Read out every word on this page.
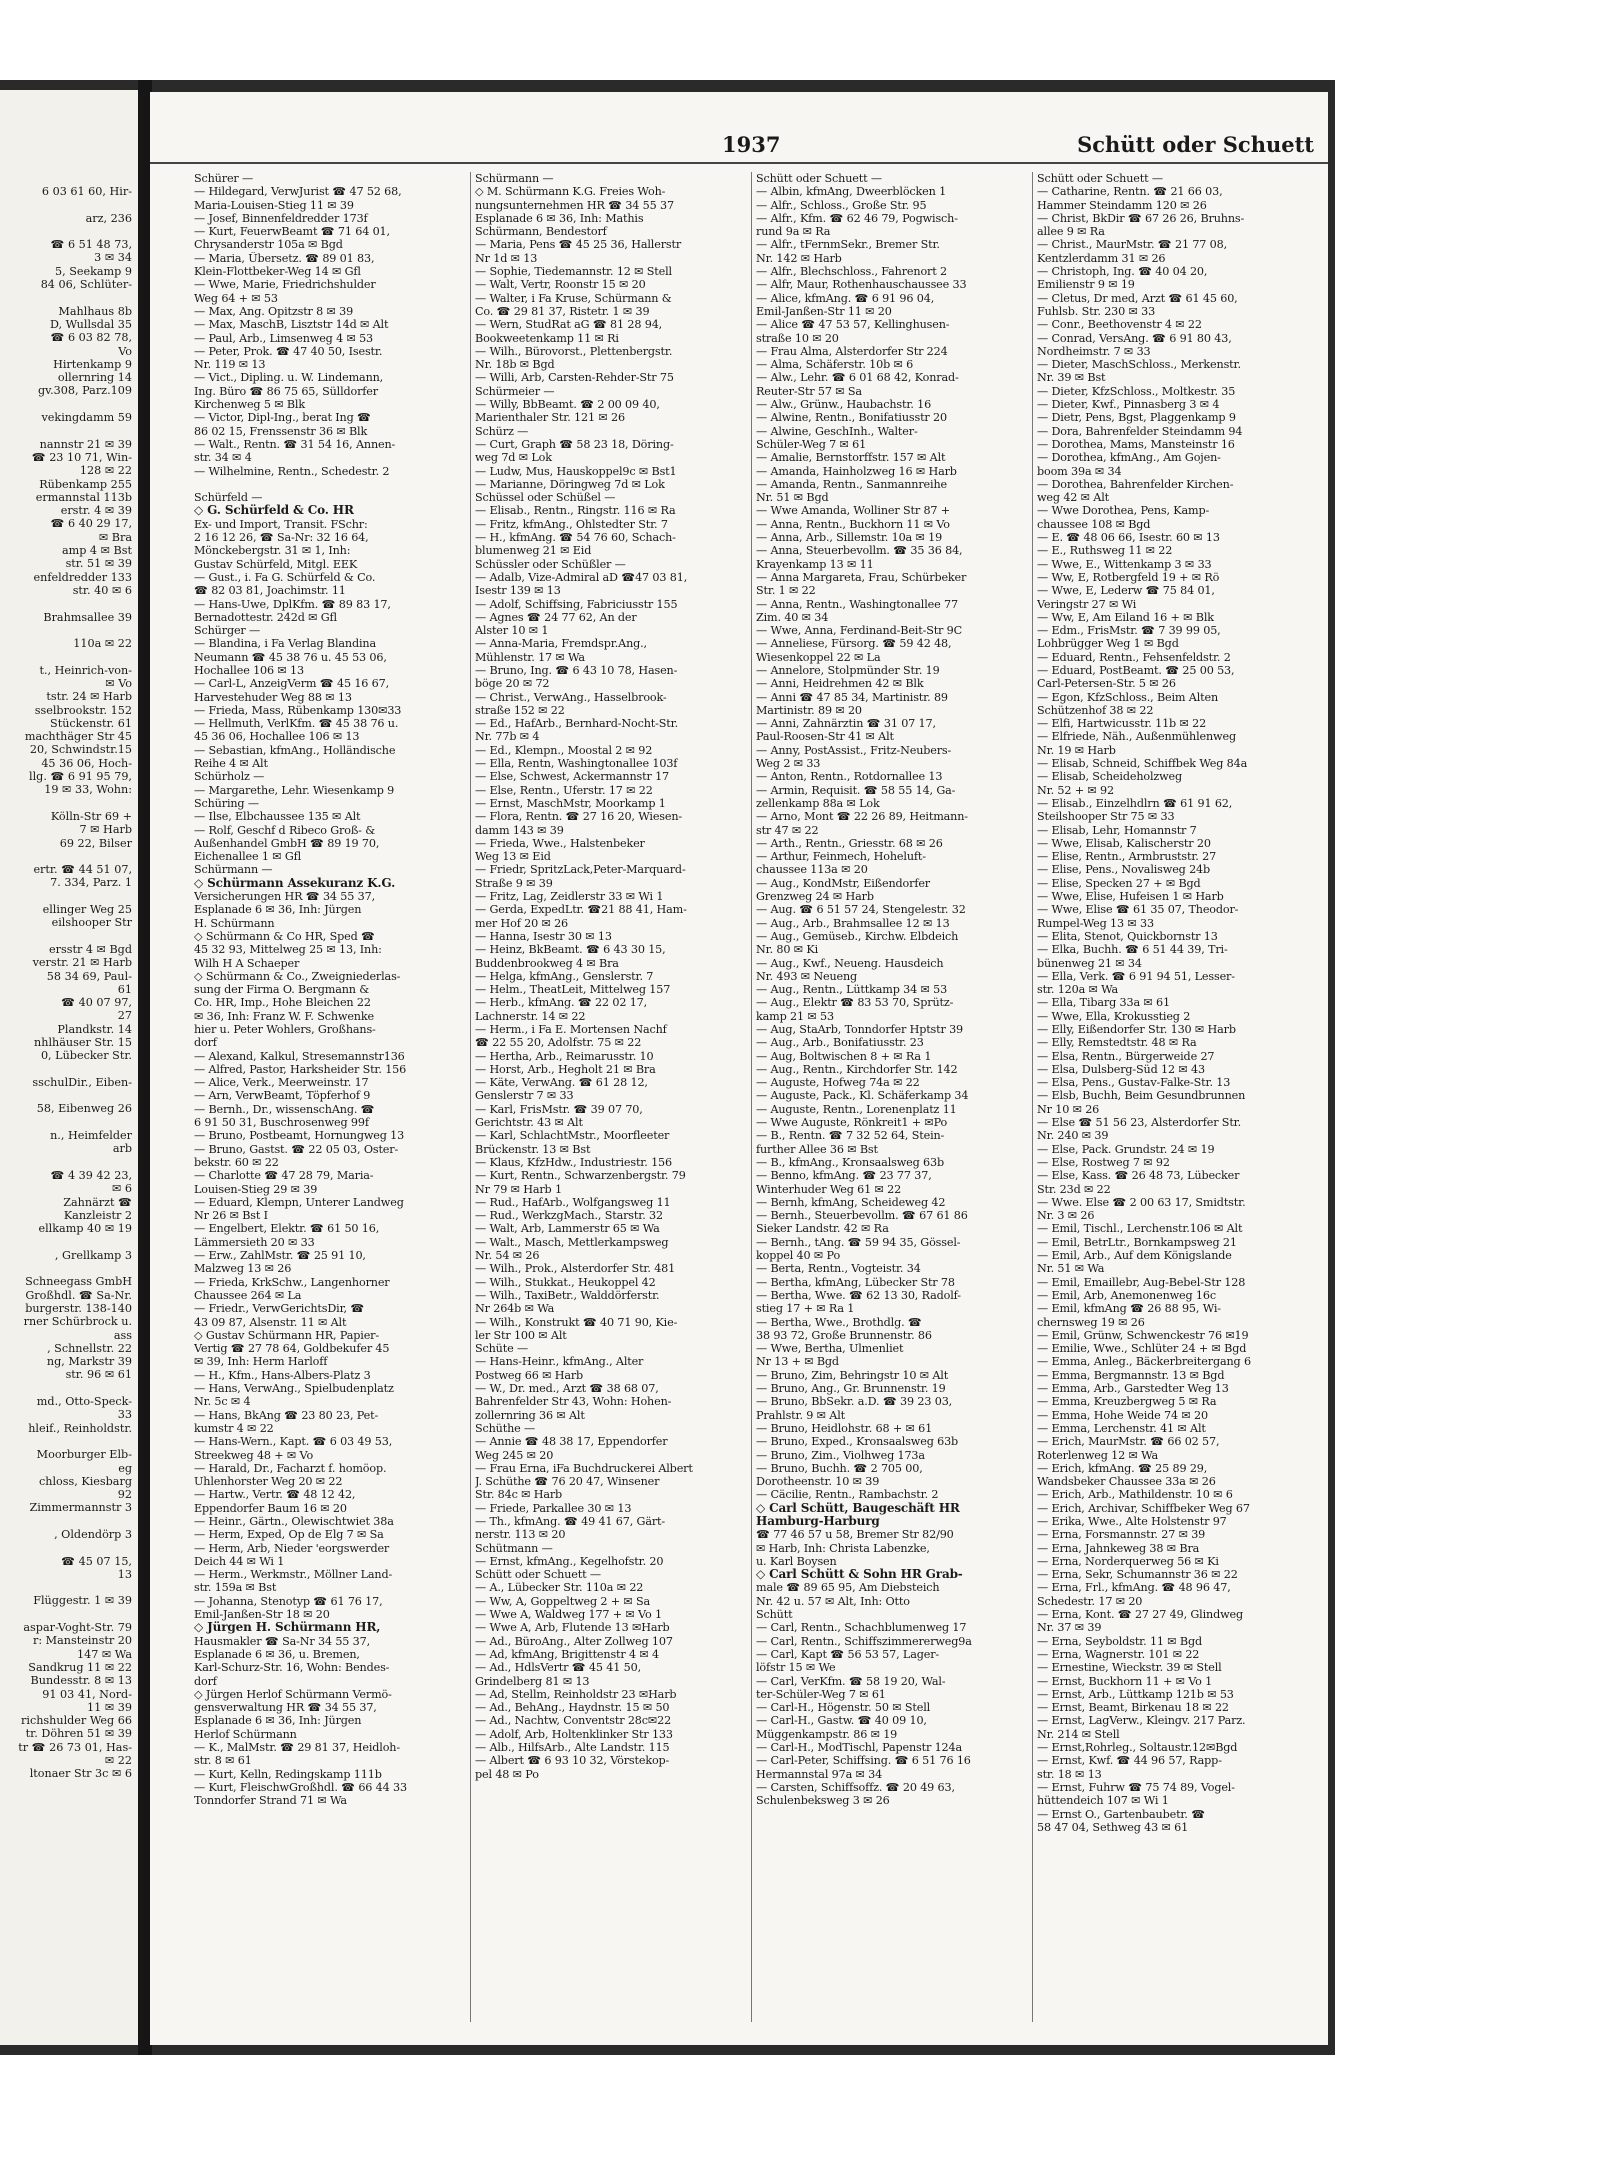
6 03 61 60, Hir-

arz, 236

☎ 6 51 48 73,
3 ✉ 34
5, Seekamp 9
84 06, Schlüter-

Mahlhaus 8b
D, Wullsdal 35
☎ 6 03 82 78,
Vo
Hirtenkamp 9
ollernring 14
gv.308, Parz.109

vekingdamm 59

nannstr 21 ✉ 39
☎ 23 10 71, Win-
128 ✉ 22
Rübenkamp 255
ermannstal 113b
erstr. 4 ✉ 39
☎ 6 40 29 17,
✉ Bra
amp 4 ✉ Bst
str. 51 ✉ 39
enfeldredder 133
str. 40 ✉ 6

Brahmsallee 39

110a ✉ 22

t., Heinrich-von-
✉ Vo
tstr. 24 ✉ Harb
sselbrookstr. 152
Stückenstr. 61
machthäger Str 45
20, Schwindstr.15
45 36 06, Hoch-
llg. ☎ 6 91 95 79,
19 ✉ 33, Wohn:

Kölln-Str 69 +
7 ✉ Harb
69 22, Bilser

ertr. ☎ 44 51 07,
7. 334, Parz. 1

ellinger Weg 25
eilshooper Str

ersstr 4 ✉ Bgd
verstr. 21 ✉ Harb
58 34 69, Paul-
61
☎ 40 07 97,
27
Plandkstr. 14
nhlhäuser Str. 15
0, Lübecker Str.

sschulDir., Eiben-

58, Eibenweg 26

n., Heimfelder
arb

☎ 4 39 42 23,
✉ 6
Zahnärzt ☎
Kanzleistr 2
ellkamp 40 ✉ 19

, Grellkamp 3

Schneegass GmbH
Großhdl. ☎ Sa-Nr.
burgerstr. 138-140
rner Schürbrock u.
ass
, Schnellstr. 22
ng, Markstr 39
str. 96 ✉ 61

md., Otto-Speck-
33
hleif., Reinholdstr.

Moorburger Elb-
eg
chloss, Kiesbarg
92
Zimmermannstr 3

, Oldendörp 3

☎ 45 07 15,
13

Flüggestr. 1 ✉ 39

aspar-Voght-Str. 79
r: Mansteinstr 20
147 ✉ Wa
Sandkrug 11 ✉ 22
Bundesstr. 8 ✉ 13
91 03 41, Nord-
11 ✉ 39
richshulder Weg 66
tr. Döhren 51 ✉ 39
tr ☎ 26 73 01, Has-
✉ 22
ltonaer Str 3c ✉ 6
1937	Schütt oder Schuett
Schürer —
— Hildegard, VerwJurist ☎ 47 52 68,
Maria-Louisen-Stieg 11 ✉ 39
— Josef, Binnenfeldredder 173f
— Kurt, FeuerwBeamt ☎ 71 64 01,
Chrysanderstr 105a ✉ Bgd
— Maria, Übersetz. ☎ 89 01 83,
Klein-Flottbeker-Weg 14 ✉ Gfl
— Wwe, Marie, Friedrichshulder
Weg 64 + ✉ 53
— Max, Ang. Opitzstr 8 ✉ 39
— Max, MaschB, Lisztstr 14d ✉ Alt
— Paul, Arb., Limsenweg 4 ✉ 53
— Peter, Prok. ☎ 47 40 50, Isestr.
Nr. 119 ✉ 13
— Vict., Dipling. u. W. Lindemann,
Ing. Büro ☎ 86 75 65, Sülldorfer
Kirchenweg 5 ✉ Blk
— Victor, Dipl-Ing., berat Ing ☎
86 02 15, Frenssenstr 36 ✉ Blk
— Walt., Rentn. ☎ 31 54 16, Annen-
str. 34 ✉ 4
— Wilhelmine, Rentn., Schedestr. 2

Schürfeld —
◇ G. Schürfeld & Co. HR
Ex- und Import, Transit. FSchr:
2 16 12 26, ☎ Sa-Nr: 32 16 64,
Mönckebergstr. 31 ✉ 1, Inh:
Gustav Schürfeld, Mitgl. EEK
— Gust., i. Fa G. Schürfeld & Co.
☎ 82 03 81, Joachimstr. 11
— Hans-Uwe, DplKfm. ☎ 89 83 17,
Bernadottestr. 242d ✉ Gfl
Schürger —
— Blandina, i Fa Verlag Blandina
Neumann ☎ 45 38 76 u. 45 53 06,
Hochallee 106 ✉ 13
— Carl-L, AnzeigVerm ☎ 45 16 67,
Harvestehuder Weg 88 ✉ 13
— Frieda, Mass, Rübenkamp 130✉33
— Hellmuth, VerlKfm. ☎ 45 38 76 u.
45 36 06, Hochallee 106 ✉ 13
— Sebastian, kfmAng., Holländische
Reihe 4 ✉ Alt
Schürholz —
— Margarethe, Lehr. Wiesenkamp 9
Schüring —
— Ilse, Elbchaussee 135 ✉ Alt
— Rolf, Geschf d Ribeco Groß- &
Außenhandel GmbH ☎ 89 19 70,
Eichenallee 1 ✉ Gfl
Schürmann —
◇ Schürmann Assekuranz K.G.
Versicherungen HR ☎ 34 55 37,
Esplanade 6 ✉ 36, Inh: Jürgen
H. Schürmann
◇ Schürmann & Co HR, Sped ☎
45 32 93, Mittelweg 25 ✉ 13, Inh:
Wilh H A Schaeper
◇ Schürmann & Co., Zweigniederlas-
sung der Firma O. Bergmann &
Co. HR, Imp., Hohe Bleichen 22
✉ 36, Inh: Franz W. F. Schwenke
hier u. Peter Wohlers, Großhans-
dorf
— Alexand, Kalkul, Stresemannstr136
— Alfred, Pastor, Harksheider Str. 156
— Alice, Verk., Meerweinstr. 17
— Arn, VerwBeamt, Töpferhof 9
— Bernh., Dr., wissenschAng. ☎
6 91 50 31, Buschrosenweg 99f
— Bruno, Postbeamt, Hornungweg 13
— Bruno, Gastst. ☎ 22 05 03, Oster-
bekstr. 60 ✉ 22
— Charlotte ☎ 47 28 79, Maria-
Louisen-Stieg 29 ✉ 39
— Eduard, Klempn, Unterer Landweg
Nr 26 ✉ Bst I
— Engelbert, Elektr. ☎ 61 50 16,
Lämmersieth 20 ✉ 33
— Erw., ZahlMstr. ☎ 25 91 10,
Malzweg 13 ✉ 26
— Frieda, KrkSchw., Langenhorner
Chaussee 264 ✉ La
— Friedr., VerwGerichtsDir, ☎
43 09 87, Alsenstr. 11 ✉ Alt
◇ Gustav Schürmann HR, Papier-
Vertig ☎ 27 78 64, Goldbekufer 45
✉ 39, Inh: Herm Harloff
— H., Kfm., Hans-Albers-Platz 3
— Hans, VerwAng., Spielbudenplatz
Nr. 5c ✉ 4
— Hans, BkAng ☎ 23 80 23, Pet-
kumstr 4 ✉ 22
— Hans-Wern., Kapt. ☎ 6 03 49 53,
Streekweg 48 + ✉ Vo
— Harald, Dr., Facharzt f. homöop.
Uhlenhorster Weg 20 ✉ 22
— Hartw., Vertr. ☎ 48 12 42,
Eppendorfer Baum 16 ✉ 20
— Heinr., Gärtn., Olewischtwiet 38a
— Herm, Exped, Op de Elg 7 ✉ Sa
— Herm, Arb, Nieder 'eorgswerder
Deich 44 ✉ Wi 1
— Herm., Werkmstr., Möllner Land-
str. 159a ✉ Bst
— Johanna, Stenotyp ☎ 61 76 17,
Emil-Janßen-Str 18 ✉ 20
◇ Jürgen H. Schürmann HR,
Hausmakler ☎ Sa-Nr 34 55 37,
Esplanade 6 ✉ 36, u. Bremen,
Karl-Schurz-Str. 16, Wohn: Bendes-
dorf
◇ Jürgen Herlof Schürmann Vermö-
gensverwaltung HR ☎ 34 55 37,
Esplanade 6 ✉ 36, Inh: Jürgen
Herlof Schürmann
— K., MalMstr. ☎ 29 81 37, Heidloh-
str. 8 ✉ 61
— Kurt, Kelln, Redingskamp 111b
— Kurt, FleischwGroßhdl. ☎ 66 44 33
Tonndorfer Strand 71 ✉ Wa
Schürmann —
◇ M. Schürmann K.G. Freies Woh-
nungsunternehmen HR ☎ 34 55 37
Esplanade 6 ✉ 36, Inh: Mathis
Schürmann, Bendestorf
— Maria, Pens ☎ 45 25 36, Hallerstr
Nr 1d ✉ 13
— Sophie, Tiedemannstr. 12 ✉ Stell
— Walt, Vertr, Roonstr 15 ✉ 20
— Walter, i Fa Kruse, Schürmann &
Co. ☎ 29 81 37, Ristetr. 1 ✉ 39
— Wern, StudRat aG ☎ 81 28 94,
Bookweetenkamp 11 ✉ Ri
— Wilh., Bürovorst., Plettenbergstr.
Nr. 18b ✉ Bgd
— Willi, Arb, Carsten-Rehder-Str 75
Schürmeier —
— Willy, BbBeamt. ☎ 2 00 09 40,
Marienthaler Str. 121 ✉ 26
Schürz —
— Curt, Graph ☎ 58 23 18, Döring-
weg 7d ✉ Lok
— Ludw, Mus, Hauskoppel9c ✉ Bst1
— Marianne, Döringweg 7d ✉ Lok
Schüssel oder Schüßel —
— Elisab., Rentn., Ringstr. 116 ✉ Ra
— Fritz, kfmAng., Ohlstedter Str. 7
— H., kfmAng. ☎ 54 76 60, Schach-
blumenweg 21 ✉ Eid
Schüssler oder Schüßler —
— Adalb, Vize-Admiral aD ☎47 03 81,
Isestr 139 ✉ 13
— Adolf, Schiffsing, Fabriciusstr 155
— Agnes ☎ 24 77 62, An der
Alster 10 ✉ 1
— Anna-Maria, Fremdspr.Ang.,
Mühlenstr. 17 ✉ Wa
— Bruno, Ing. ☎ 6 43 10 78, Hasen-
böge 20 ✉ 72
— Christ., VerwAng., Hasselbrook-
straße 152 ✉ 22
— Ed., HafArb., Bernhard-Nocht-Str.
Nr. 77b ✉ 4
— Ed., Klempn., Moostal 2 ✉ 92
— Ella, Rentn, Washingtonallee 103f
— Else, Schwest, Ackermannstr 17
— Else, Rentn., Uferstr. 17 ✉ 22
— Ernst, MaschMstr, Moorkamp 1
— Flora, Rentn. ☎ 27 16 20, Wiesen-
damm 143 ✉ 39
— Frieda, Wwe., Halstenbeker
Weg 13 ✉ Eid
— Friedr, SpritzLack,Peter-Marquard-
Straße 9 ✉ 39
— Fritz, Lag, Zeidlerstr 33 ✉ Wi 1
— Gerda, ExpedLtr. ☎21 88 41, Ham-
mer Hof 20 ✉ 26
— Hanna, Isestr 30 ✉ 13
— Heinz, BkBeamt. ☎ 6 43 30 15,
Buddenbrookweg 4 ✉ Bra
— Helga, kfmAng., Genslerstr. 7
— Helm., TheatLeit, Mittelweg 157
— Herb., kfmAng. ☎ 22 02 17,
Lachnerstr. 14 ✉ 22
— Herm., i Fa E. Mortensen Nachf
☎ 22 55 20, Adolfstr. 75 ✉ 22
— Hertha, Arb., Reimarusstr. 10
— Horst, Arb., Hegholt 21 ✉ Bra
— Käte, VerwAng. ☎ 61 28 12,
Genslerstr 7 ✉ 33
— Karl, FrisMstr. ☎ 39 07 70,
Gerichtstr. 43 ✉ Alt
— Karl, SchlachtMstr., Moorfleeter
Brückenstr. 13 ✉ Bst
— Klaus, KfzHdw., Industriestr. 156
— Kurt, Rentn., Schwarzenbergstr. 79
Nr 79 ✉ Harb 1
— Rud., HafArb., Wolfgangsweg 11
— Rud., WerkzgMach., Starstr. 32
— Walt, Arb, Lammerstr 65 ✉ Wa
— Walt., Masch, Mettlerkampsweg
Nr. 54 ✉ 26
— Wilh., Prok., Alsterdorfer Str. 481
— Wilh., Stukkat., Heukoppel 42
— Wilh., TaxiBetr., Walddörferstr.
Nr 264b ✉ Wa
— Wilh., Konstrukt ☎ 40 71 90, Kie-
ler Str 100 ✉ Alt
Schüte —
— Hans-Heinr., kfmAng., Alter
Postweg 66 ✉ Harb
— W., Dr. med., Arzt ☎ 38 68 07,
Bahrenfelder Str 43, Wohn: Hohen-
zollernring 36 ✉ Alt
Schüthe —
— Annie ☎ 48 38 17, Eppendorfer
Weg 245 ✉ 20
— Frau Erna, iFa Buchdruckerei Albert
J. Schüthe ☎ 76 20 47, Winsener
Str. 84c ✉ Harb
— Friede, Parkallee 30 ✉ 13
— Th., kfmAng. ☎ 49 41 67, Gärt-
nerstr. 113 ✉ 20
Schütmann —
— Ernst, kfmAng., Kegelhofstr. 20
Schütt oder Schuett —
— A., Lübecker Str. 110a ✉ 22
— Ww, A, Goppeltweg 2 + ✉ Sa
— Wwe A, Waldweg 177 + ✉ Vo 1
— Wwe A, Arb, Flutende 13 ✉Harb
— Ad., BüroAng., Alter Zollweg 107
— Ad, kfmAng, Brigittenstr 4 ✉ 4
— Ad., HdlsVertr ☎ 45 41 50,
Grindelberg 81 ✉ 13
— Ad, Stellm, Reinholdstr 23 ✉Harb
— Ad., BehAng., Haydnstr. 15 ✉ 50
— Ad., Nachtw, Conventstr 28c✉22
— Adolf, Arb, Holtenklinker Str 133
— Alb., HilfsArb., Alte Landstr. 115
— Albert ☎ 6 93 10 32, Vörstekop-
pel 48 ✉ Po
Schütt oder Schuett —
— Albin, kfmAng, Dweerblöcken 1
— Alfr., Schloss., Große Str. 95
— Alfr., Kfm. ☎ 62 46 79, Pogwisch-
rund 9a ✉ Ra
— Alfr., tFernmSekr., Bremer Str.
Nr. 142 ✉ Harb
— Alfr., Blechschloss., Fahrenort 2
— Alfr, Maur, Rothenhauschaussee 33
— Alice, kfmAng. ☎ 6 91 96 04,
Emil-Janßen-Str 11 ✉ 20
— Alice ☎ 47 53 57, Kellinghusen-
straße 10 ✉ 20
— Frau Alma, Alsterdorfer Str 224
— Alma, Schäferstr. 10b ✉ 6
— Alw., Lehr. ☎ 6 01 68 42, Konrad-
Reuter-Str 57 ✉ Sa
— Alw., Grünw., Haubachstr. 16
— Alwine, Rentn., Bonifatiusstr 20
— Alwine, GeschInh., Walter-
Schüler-Weg 7 ✉ 61
— Amalie, Bernstorffstr. 157 ✉ Alt
— Amanda, Hainholzweg 16 ✉ Harb
— Amanda, Rentn., Sanmannreihe
Nr. 51 ✉ Bgd
— Wwe Amanda, Wolliner Str 87 +
— Anna, Rentn., Buckhorn 11 ✉ Vo
— Anna, Arb., Sillemstr. 10a ✉ 19
— Anna, Steuerbevollm. ☎ 35 36 84,
Krayenkamp 13 ✉ 11
— Anna Margareta, Frau, Schürbeker
Str. 1 ✉ 22
— Anna, Rentn., Washingtonallee 77
Zim. 40 ✉ 34
— Wwe, Anna, Ferdinand-Beit-Str 9C
— Anneliese, Fürsorg. ☎ 59 42 48,
Wiesenkoppel 22 ✉ La
— Annelore, Stolpmünder Str. 19
— Anni, Heidrehmen 42 ✉ Blk
— Anni ☎ 47 85 34, Martinistr. 89
Martinistr. 89 ✉ 20
— Anni, Zahnärztin ☎ 31 07 17,
Paul-Roosen-Str 41 ✉ Alt
— Anny, PostAssist., Fritz-Neubers-
Weg 2 ✉ 33
— Anton, Rentn., Rotdornallee 13
— Armin, Requisit. ☎ 58 55 14, Ga-
zellenkamp 88a ✉ Lok
— Arno, Mont ☎ 22 26 89, Heitmann-
str 47 ✉ 22
— Arth., Rentn., Griesstr. 68 ✉ 26
— Arthur, Feinmech, Hoheluft-
chaussee 113a ✉ 20
— Aug., KondMstr, Eißendorfer
Grenzweg 24 ✉ Harb
— Aug. ☎ 6 51 57 24, Stengelestr. 32
— Aug., Arb., Brahmsallee 12 ✉ 13
— Aug., Gemüseb., Kirchw. Elbdeich
Nr. 80 ✉ Ki
— Aug., Kwf., Neueng. Hausdeich
Nr. 493 ✉ Neueng
— Aug., Rentn., Lüttkamp 34 ✉ 53
— Aug., Elektr ☎ 83 53 70, Sprütz-
kamp 21 ✉ 53
— Aug, StaArb, Tonndorfer Hptstr 39
— Aug., Arb., Bonifatiusstr. 23
— Aug, Boltwischen 8 + ✉ Ra 1
— Aug., Rentn., Kirchdorfer Str. 142
— Auguste, Hofweg 74a ✉ 22
— Auguste, Pack., Kl. Schäferkamp 34
— Auguste, Rentn., Lorenenplatz 11
— Wwe Auguste, Rönkreit1 + ✉Po
— B., Rentn. ☎ 7 32 52 64, Stein-
further Allee 36 ✉ Bst
— B., kfmAng., Kronsaalsweg 63b
— Benno, kfmAng. ☎ 23 77 37,
Winterhuder Weg 61 ✉ 22
— Bernh, kfmAng, Scheideweg 42
— Bernh., Steuerbevollm. ☎ 67 61 86
Sieker Landstr. 42 ✉ Ra
— Bernh., tAng. ☎ 59 94 35, Gössel-
koppel 40 ✉ Po
— Berta, Rentn., Vogteistr. 34
— Bertha, kfmAng, Lübecker Str 78
— Bertha, Wwe. ☎ 62 13 30, Radolf-
stieg 17 + ✉ Ra 1
— Bertha, Wwe., Brothdlg. ☎
38 93 72, Große Brunnenstr. 86
— Wwe, Bertha, Ulmenliet
Nr 13 + ✉ Bgd
— Bruno, Zim, Behringstr 10 ✉ Alt
— Bruno, Ang., Gr. Brunnenstr. 19
— Bruno, BbSekr. a.D. ☎ 39 23 03,
Prahlstr. 9 ✉ Alt
— Bruno, Heidlohstr. 68 + ✉ 61
— Bruno, Exped., Kronsaalsweg 63b
— Bruno, Zim., Violhweg 173a
— Bruno, Buchh. ☎ 2 705 00,
Dorotheenstr. 10 ✉ 39
— Cäcilie, Rentn., Rambachstr. 2
◇ Carl Schütt, Baugeschäft HR
Hamburg-Harburg
☎ 77 46 57 u 58, Bremer Str 82/90
✉ Harb, Inh: Christa Labenzke,
u. Karl Boysen
◇ Carl Schütt & Sohn HR Grab-
male ☎ 89 65 95, Am Diebsteich
Nr. 42 u. 57 ✉ Alt, Inh: Otto
Schütt
— Carl, Rentn., Schachblumenweg 17
— Carl, Rentn., Schiffszimmererweg9a
— Carl, Kapt ☎ 56 53 57, Lager-
löfstr 15 ✉ We
— Carl, VerKfm. ☎ 58 19 20, Wal-
ter-Schüler-Weg 7 ✉ 61
— Carl-H., Högenstr. 50 ✉ Stell
— Carl-H., Gastw. ☎ 40 09 10,
Müggenkampstr. 86 ✉ 19
— Carl-H., ModTischl, Papenstr 124a
— Carl-Peter, Schiffsing. ☎ 6 51 76 16
Hermannstal 97a ✉ 34
— Carsten, Schiffsoffz. ☎ 20 49 63,
Schulenbeksweg 3 ✉ 26
Schütt oder Schuett —
— Catharine, Rentn. ☎ 21 66 03,
Hammer Steindamm 120 ✉ 26
— Christ, BkDir ☎ 67 26 26, Bruhns-
allee 9 ✉ Ra
— Christ., MaurMstr. ☎ 21 77 08,
Kentzlerdamm 31 ✉ 26
— Christoph, Ing. ☎ 40 04 20,
Emilienstr 9 ✉ 19
— Cletus, Dr med, Arzt ☎ 61 45 60,
Fuhlsb. Str. 230 ✉ 33
— Conr., Beethovenstr 4 ✉ 22
— Conrad, VersAng. ☎ 6 91 80 43,
Nordheimstr. 7 ✉ 33
— Dieter, MaschSchloss., Merkenstr.
Nr. 39 ✉ Bst
— Dieter, KfzSchloss., Moltkestr. 35
— Dieter, Kwf., Pinnasberg 3 ✉ 4
— Dietr, Pens, Bgst, Plaggenkamp 9
— Dora, Bahrenfelder Steindamm 94
— Dorothea, Mams, Mansteinstr 16
— Dorothea, kfmAng., Am Gojen-
boom 39a ✉ 34
— Dorothea, Bahrenfelder Kirchen-
weg 42 ✉ Alt
— Wwe Dorothea, Pens, Kamp-
chaussee 108 ✉ Bgd
— E. ☎ 48 06 66, Isestr. 60 ✉ 13
— E., Ruthsweg 11 ✉ 22
— Wwe, E., Wittenkamp 3 ✉ 33
— Ww, E, Rotbergfeld 19 + ✉ Rö
— Wwe, E, Lederw ☎ 75 84 01,
Veringstr 27 ✉ Wi
— Ww, E, Am Eiland 16 + ✉ Blk
— Edm., FrisMstr. ☎ 7 39 99 05,
Lohbrügger Weg 1 ✉ Bgd
— Eduard, Rentn., Fehsenfeldstr. 2
— Eduard, PostBeamt. ☎ 25 00 53,
Carl-Petersen-Str. 5 ✉ 26
— Egon, KfzSchloss., Beim Alten
Schützenhof 38 ✉ 22
— Elfi, Hartwicusstr. 11b ✉ 22
— Elfriede, Näh., Außenmühlenweg
Nr. 19 ✉ Harb
— Elisab, Schneid, Schiffbek Weg 84a
— Elisab, Scheideholzweg
Nr. 52 + ✉ 92
— Elisab., Einzelhdlrn ☎ 61 91 62,
Steilshooper Str 75 ✉ 33
— Elisab, Lehr, Homannstr 7
— Wwe, Elisab, Kalischerstr 20
— Elise, Rentn., Armbruststr. 27
— Elise, Pens., Novalisweg 24b
— Elise, Specken 27 + ✉ Bgd
— Wwe, Elise, Hufeisen 1 ✉ Harb
— Wwe, Elise ☎ 61 35 07, Theodor-
Rumpel-Weg 13 ✉ 33
— Elita, Stenot, Quickbornstr 13
— Elka, Buchh. ☎ 6 51 44 39, Tri-
bünenweg 21 ✉ 34
— Ella, Verk. ☎ 6 91 94 51, Lesser-
str. 120a ✉ Wa
— Ella, Tibarg 33a ✉ 61
— Wwe, Ella, Krokusstieg 2
— Elly, Eißendorfer Str. 130 ✉ Harb
— Elly, Remstedtstr. 48 ✉ Ra
— Elsa, Rentn., Bürgerweide 27
— Elsa, Dulsberg-Süd 12 ✉ 43
— Elsa, Pens., Gustav-Falke-Str. 13
— Elsb, Buchh, Beim Gesundbrunnen
Nr 10 ✉ 26
— Else ☎ 51 56 23, Alsterdorfer Str.
Nr. 240 ✉ 39
— Else, Pack. Grundstr. 24 ✉ 19
— Else, Rostweg 7 ✉ 92
— Else, Kass. ☎ 26 48 73, Lübecker
Str. 23d ✉ 22
— Wwe. Else ☎ 2 00 63 17, Smidtstr.
Nr. 3 ✉ 26
— Emil, Tischl., Lerchenstr.106 ✉ Alt
— Emil, BetrLtr., Bornkampsweg 21
— Emil, Arb., Auf dem Königslande
Nr. 51 ✉ Wa
— Emil, Emaillebr, Aug-Bebel-Str 128
— Emil, Arb, Anemonenweg 16c
— Emil, kfmAng ☎ 26 88 95, Wi-
chernsweg 19 ✉ 26
— Emil, Grünw, Schwenckestr 76 ✉19
— Emilie, Wwe., Schlüter 24 + ✉ Bgd
— Emma, Anleg., Bäckerbreitergang 6
— Emma, Bergmannstr. 13 ✉ Bgd
— Emma, Arb., Garstedter Weg 13
— Emma, Kreuzbergweg 5 ✉ Ra
— Emma, Hohe Weide 74 ✉ 20
— Emma, Lerchenstr. 41 ✉ Alt
— Erich, MaurMstr. ☎ 66 02 57,
Roterlenweg 12 ✉ Wa
— Erich, kfmAng. ☎ 25 89 29,
Wandsbeker Chaussee 33a ✉ 26
— Erich, Arb., Mathildenstr. 10 ✉ 6
— Erich, Archivar, Schiffbeker Weg 67
— Erika, Wwe., Alte Holstenstr 97
— Erna, Forsmannstr. 27 ✉ 39
— Erna, Jahnkeweg 38 ✉ Bra
— Erna, Norderquerweg 56 ✉ Ki
— Erna, Sekr, Schumannstr 36 ✉ 22
— Erna, Frl., kfmAng. ☎ 48 96 47,
Schedestr. 17 ✉ 20
— Erna, Kont. ☎ 27 27 49, Glindweg
Nr. 37 ✉ 39
— Erna, Seyboldstr. 11 ✉ Bgd
— Erna, Wagnerstr. 101 ✉ 22
— Ernestine, Wieckstr. 39 ✉ Stell
— Ernst, Buckhorn 11 + ✉ Vo 1
— Ernst, Arb., Lüttkamp 121b ✉ 53
— Ernst, Beamt, Birkenau 18 ✉ 22
— Ernst, LagVerw., Kleingv. 217 Parz.
Nr. 214 ✉ Stell
— Ernst,Rohrleg., Soltaustr.12✉Bgd
— Ernst, Kwf. ☎ 44 96 57, Rapp-
str. 18 ✉ 13
— Ernst, Fuhrw ☎ 75 74 89, Vogel-
hüttendeich 107 ✉ Wi 1
— Ernst O., Gartenbaubetr. ☎
58 47 04, Sethweg 43 ✉ 61
